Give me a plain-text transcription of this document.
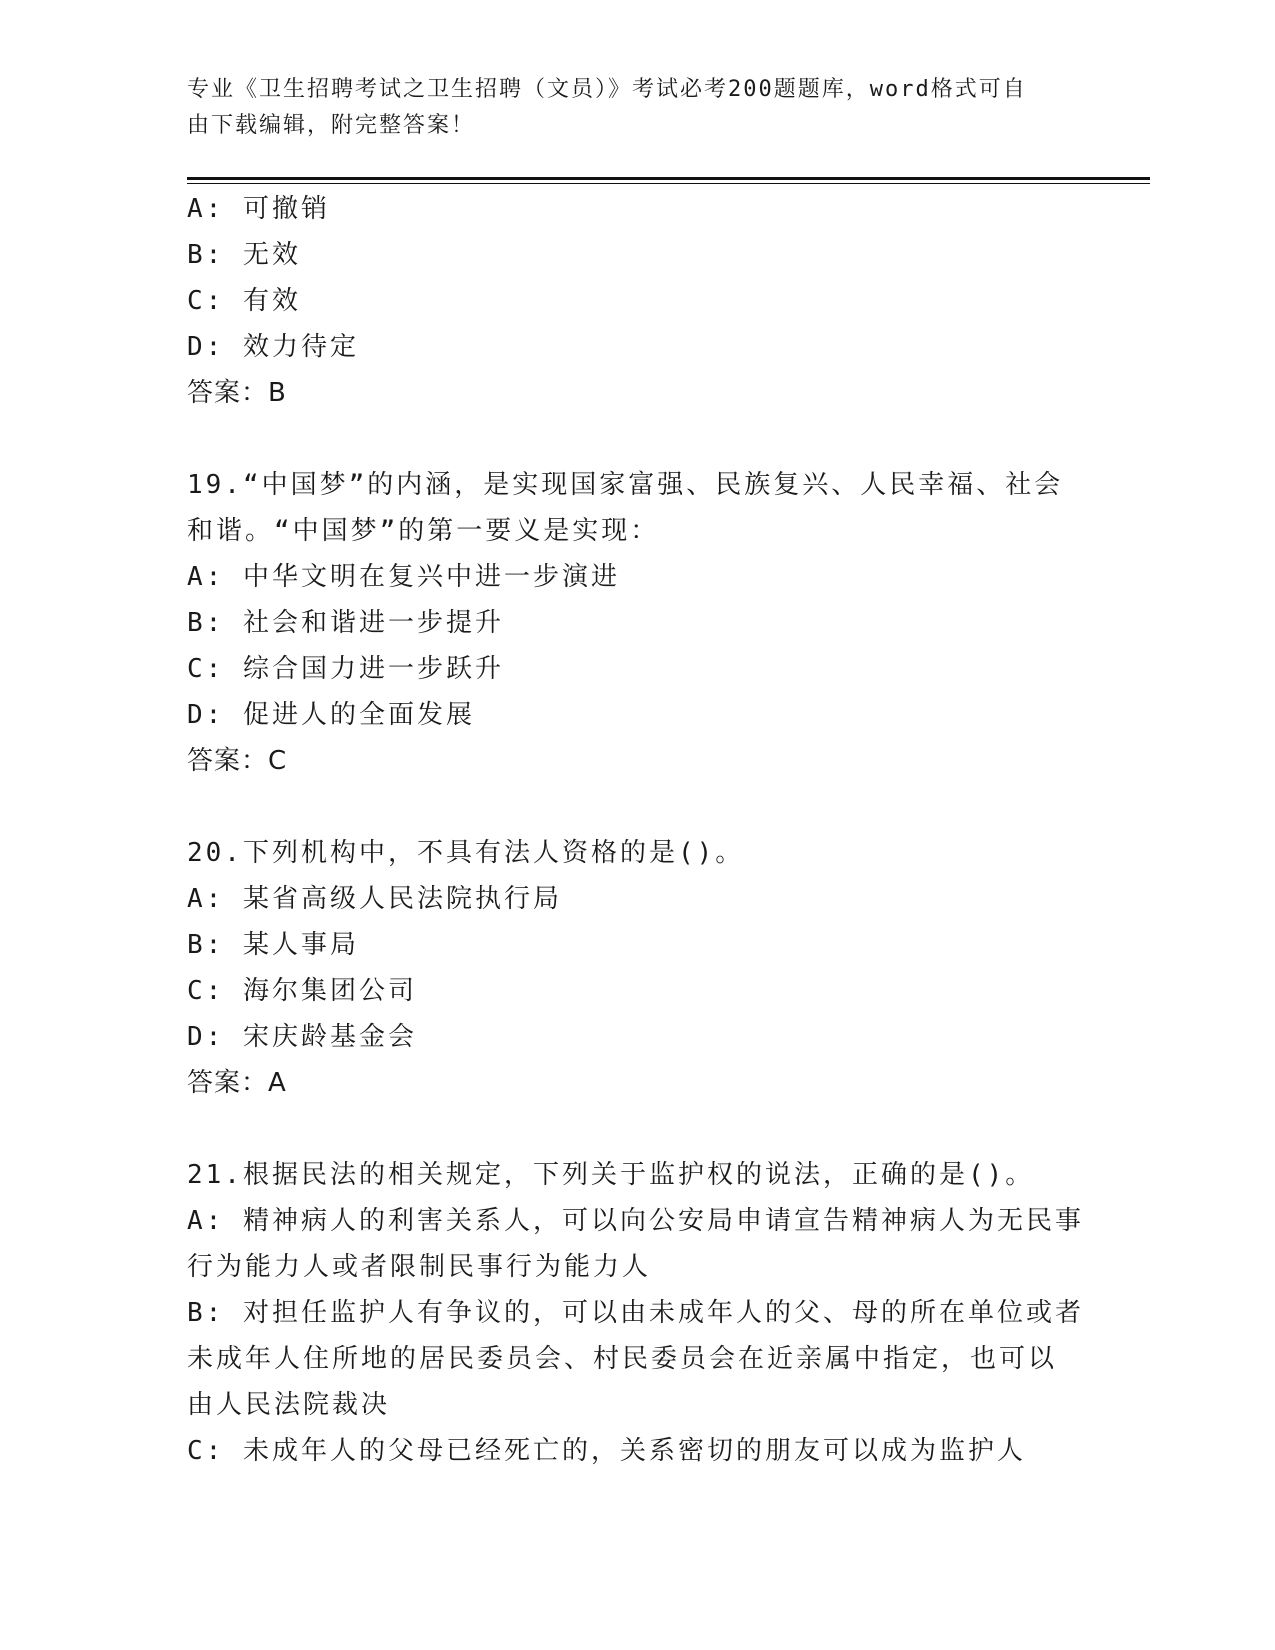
专业《卫生招聘考试之卫生招聘（文员）》考试必考200题题库，word格式可自
由下载编辑，附完整答案！
A: 可撤销
B: 无效
C: 有效
D: 效力待定
答案：B
19.“中国梦”的内涵，是实现国家富强、民族复兴、人民幸福、社会
和谐。“中国梦”的第一要义是实现：
A: 中华文明在复兴中进一步演进
B: 社会和谐进一步提升
C: 综合国力进一步跃升
D: 促进人的全面发展
答案：C
20.下列机构中，不具有法人资格的是()。
A: 某省高级人民法院执行局
B: 某人事局
C: 海尔集团公司
D: 宋庆龄基金会
答案：A
21.根据民法的相关规定，下列关于监护权的说法，正确的是()。
A: 精神病人的利害关系人，可以向公安局申请宣告精神病人为无民事
行为能力人或者限制民事行为能力人
B: 对担任监护人有争议的，可以由未成年人的父、母的所在单位或者
未成年人住所地的居民委员会、村民委员会在近亲属中指定，也可以
由人民法院裁决
C: 未成年人的父母已经死亡的，关系密切的朋友可以成为监护人
